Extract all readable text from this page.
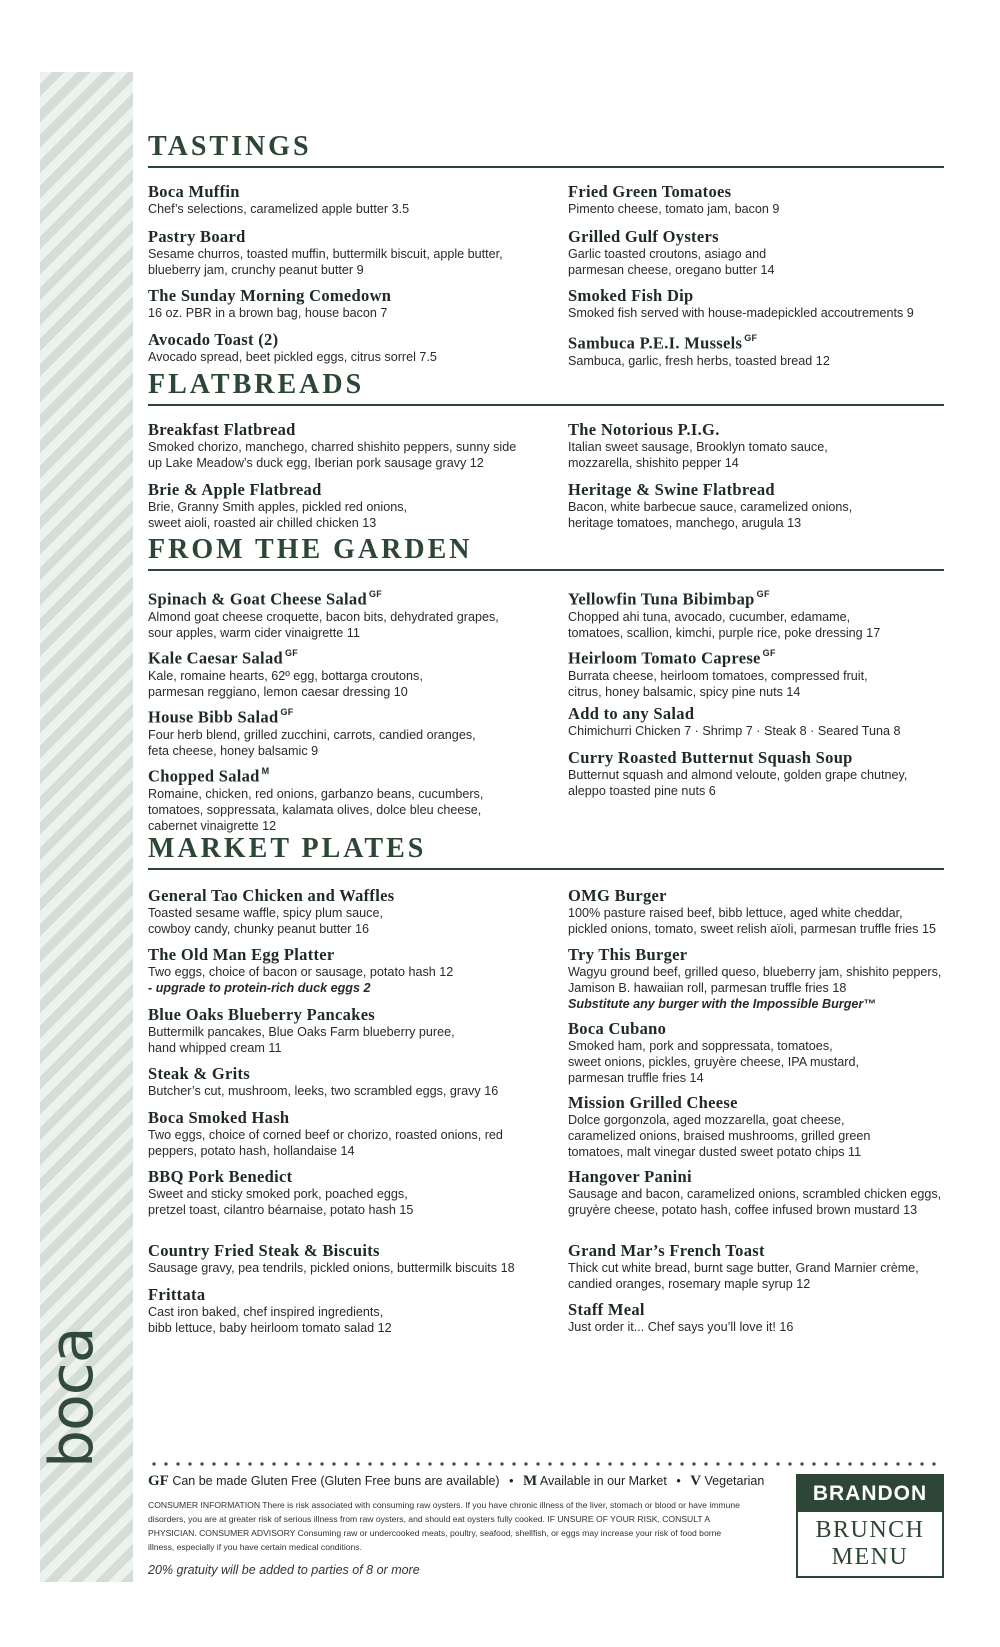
boca
TASTINGS
FLATBREADS
FROM THE GARDEN
MARKET PLATES
Boca Muffin
Chef’s selections, caramelized apple butter 3.5
Pastry Board
Sesame churros, toasted muffin, buttermilk biscuit, apple butter,
blueberry jam, crunchy peanut butter 9
The Sunday Morning Comedown
16 oz. PBR in a brown bag, house bacon 7
Avocado Toast (2)
Avocado spread, beet pickled eggs, citrus sorrel 7.5
Fried Green Tomatoes
Pimento cheese, tomato jam, bacon 9
Grilled Gulf Oysters
Garlic toasted croutons, asiago and
parmesan cheese, oregano butter 14
Smoked Fish Dip
Smoked fish served with house-madepickled accoutrements 9
Sambuca P.E.I. Mussels $^{GF}$
Sambuca, garlic, fresh herbs, toasted bread 12
Breakfast Flatbread
Smoked chorizo, manchego, charred shishito peppers, sunny side
up Lake Meadow’s duck egg, Iberian pork sausage gravy 12
Brie & Apple Flatbread
Brie, Granny Smith apples, pickled red onions,
sweet aioli, roasted air chilled chicken 13
The Notorious P.I.G.
Italian sweet sausage, Brooklyn tomato sauce,
mozzarella, shishito pepper 14
Heritage & Swine Flatbread
Bacon, white barbecue sauce, caramelized onions,
heritage tomatoes, manchego, arugula 13
Spinach & Goat Cheese Salad $^{GF}$
Almond goat cheese croquette, bacon bits, dehydrated grapes,
sour apples, warm cider vinaigrette 11
Kale Caesar Salad $^{GF}$
Kale, romaine hearts, 62º egg, bottarga croutons,
parmesan reggiano, lemon caesar dressing 10
House Bibb Salad $^{GF}$
Four herb blend, grilled zucchini, carrots, candied oranges,
feta cheese, honey balsamic 9
Chopped Salad $^M$
Romaine, chicken, red onions, garbanzo beans, cucumbers,
tomatoes, soppressata, kalamata olives, dolce bleu cheese,
cabernet vinaigrette 12
Yellowfin Tuna Bibimbap $^{GF}$
Chopped ahi tuna, avocado, cucumber, edamame,
tomatoes, scallion, kimchi, purple rice, poke dressing 17
Heirloom Tomato Caprese $^{GF}$
Burrata cheese, heirloom tomatoes, compressed fruit,
citrus, honey balsamic, spicy pine nuts 14
Add to any Salad
Chimichurri Chicken 7 · Shrimp 7 · Steak 8 · Seared Tuna 8
Curry Roasted Butternut Squash Soup
Butternut squash and almond veloute, golden grape chutney,
aleppo toasted pine nuts 6
General Tao Chicken and Waffles
Toasted sesame waffle, spicy plum sauce,
cowboy candy, chunky peanut butter 16
The Old Man Egg Platter
Two eggs, choice of bacon or sausage, potato hash 12
- upgrade to protein-rich duck eggs 2
Blue Oaks Blueberry Pancakes
Buttermilk pancakes, Blue Oaks Farm blueberry puree,
hand whipped cream 11
Steak & Grits
Butcher’s cut, mushroom, leeks, two scrambled eggs, gravy 16
Boca Smoked Hash
Two eggs, choice of corned beef or chorizo, roasted onions, red
peppers, potato hash, hollandaise 14
BBQ Pork Benedict
Sweet and sticky smoked pork, poached eggs,
pretzel toast, cilantro béarnaise, potato hash 15
Country Fried Steak & Biscuits
Sausage gravy, pea tendrils, pickled onions, buttermilk biscuits 18
Frittata
Cast iron baked, chef inspired ingredients,
bibb lettuce, baby heirloom tomato salad 12
OMG Burger
100% pasture raised beef, bibb lettuce, aged white cheddar,
pickled onions, tomato, sweet relish aïoli, parmesan truffle fries 15
Try This Burger
Wagyu ground beef, grilled queso, blueberry jam, shishito peppers,
Jamison B. hawaiian roll, parmesan truffle fries 18
Substitute any burger with the Impossible Burger™
Boca Cubano
Smoked ham, pork and soppressata, tomatoes,
sweet onions, pickles, gruyère cheese, IPA mustard,
parmesan truffle fries 14
Mission Grilled Cheese
Dolce gorgonzola, aged mozzarella, goat cheese,
caramelized onions, braised mushrooms, grilled green
tomatoes, malt vinegar dusted sweet potato chips 11
Hangover Panini
Sausage and bacon, caramelized onions, scrambled chicken eggs,
gruyère cheese, potato hash, coffee infused brown mustard 13
Grand Mar’s French Toast
Thick cut white bread, burnt sage butter, Grand Marnier crème,
candied oranges, rosemary maple syrup 12
Staff Meal
Just order it... Chef says you’ll love it! 16
GF Can be made Gluten Free (Gluten Free buns are available) • M Available in our Market • V Vegetarian
CONSUMER INFORMATION There is risk associated with consuming raw oysters. If you have chronic illness of the liver, stomach or blood or have immune disorders, you are at greater risk of serious illness from raw oysters, and should eat oysters fully cooked. IF UNSURE OF YOUR RISK, CONSULT A PHYSICIAN. CONSUMER ADVISORY Consuming raw or undercooked meats, poultry, seafood, shellfish, or eggs may increase your risk of food borne illness, especially if you have certain medical conditions.
20% gratuity will be added to parties of 8 or more
BRANDON
BRUNCH
MENU
